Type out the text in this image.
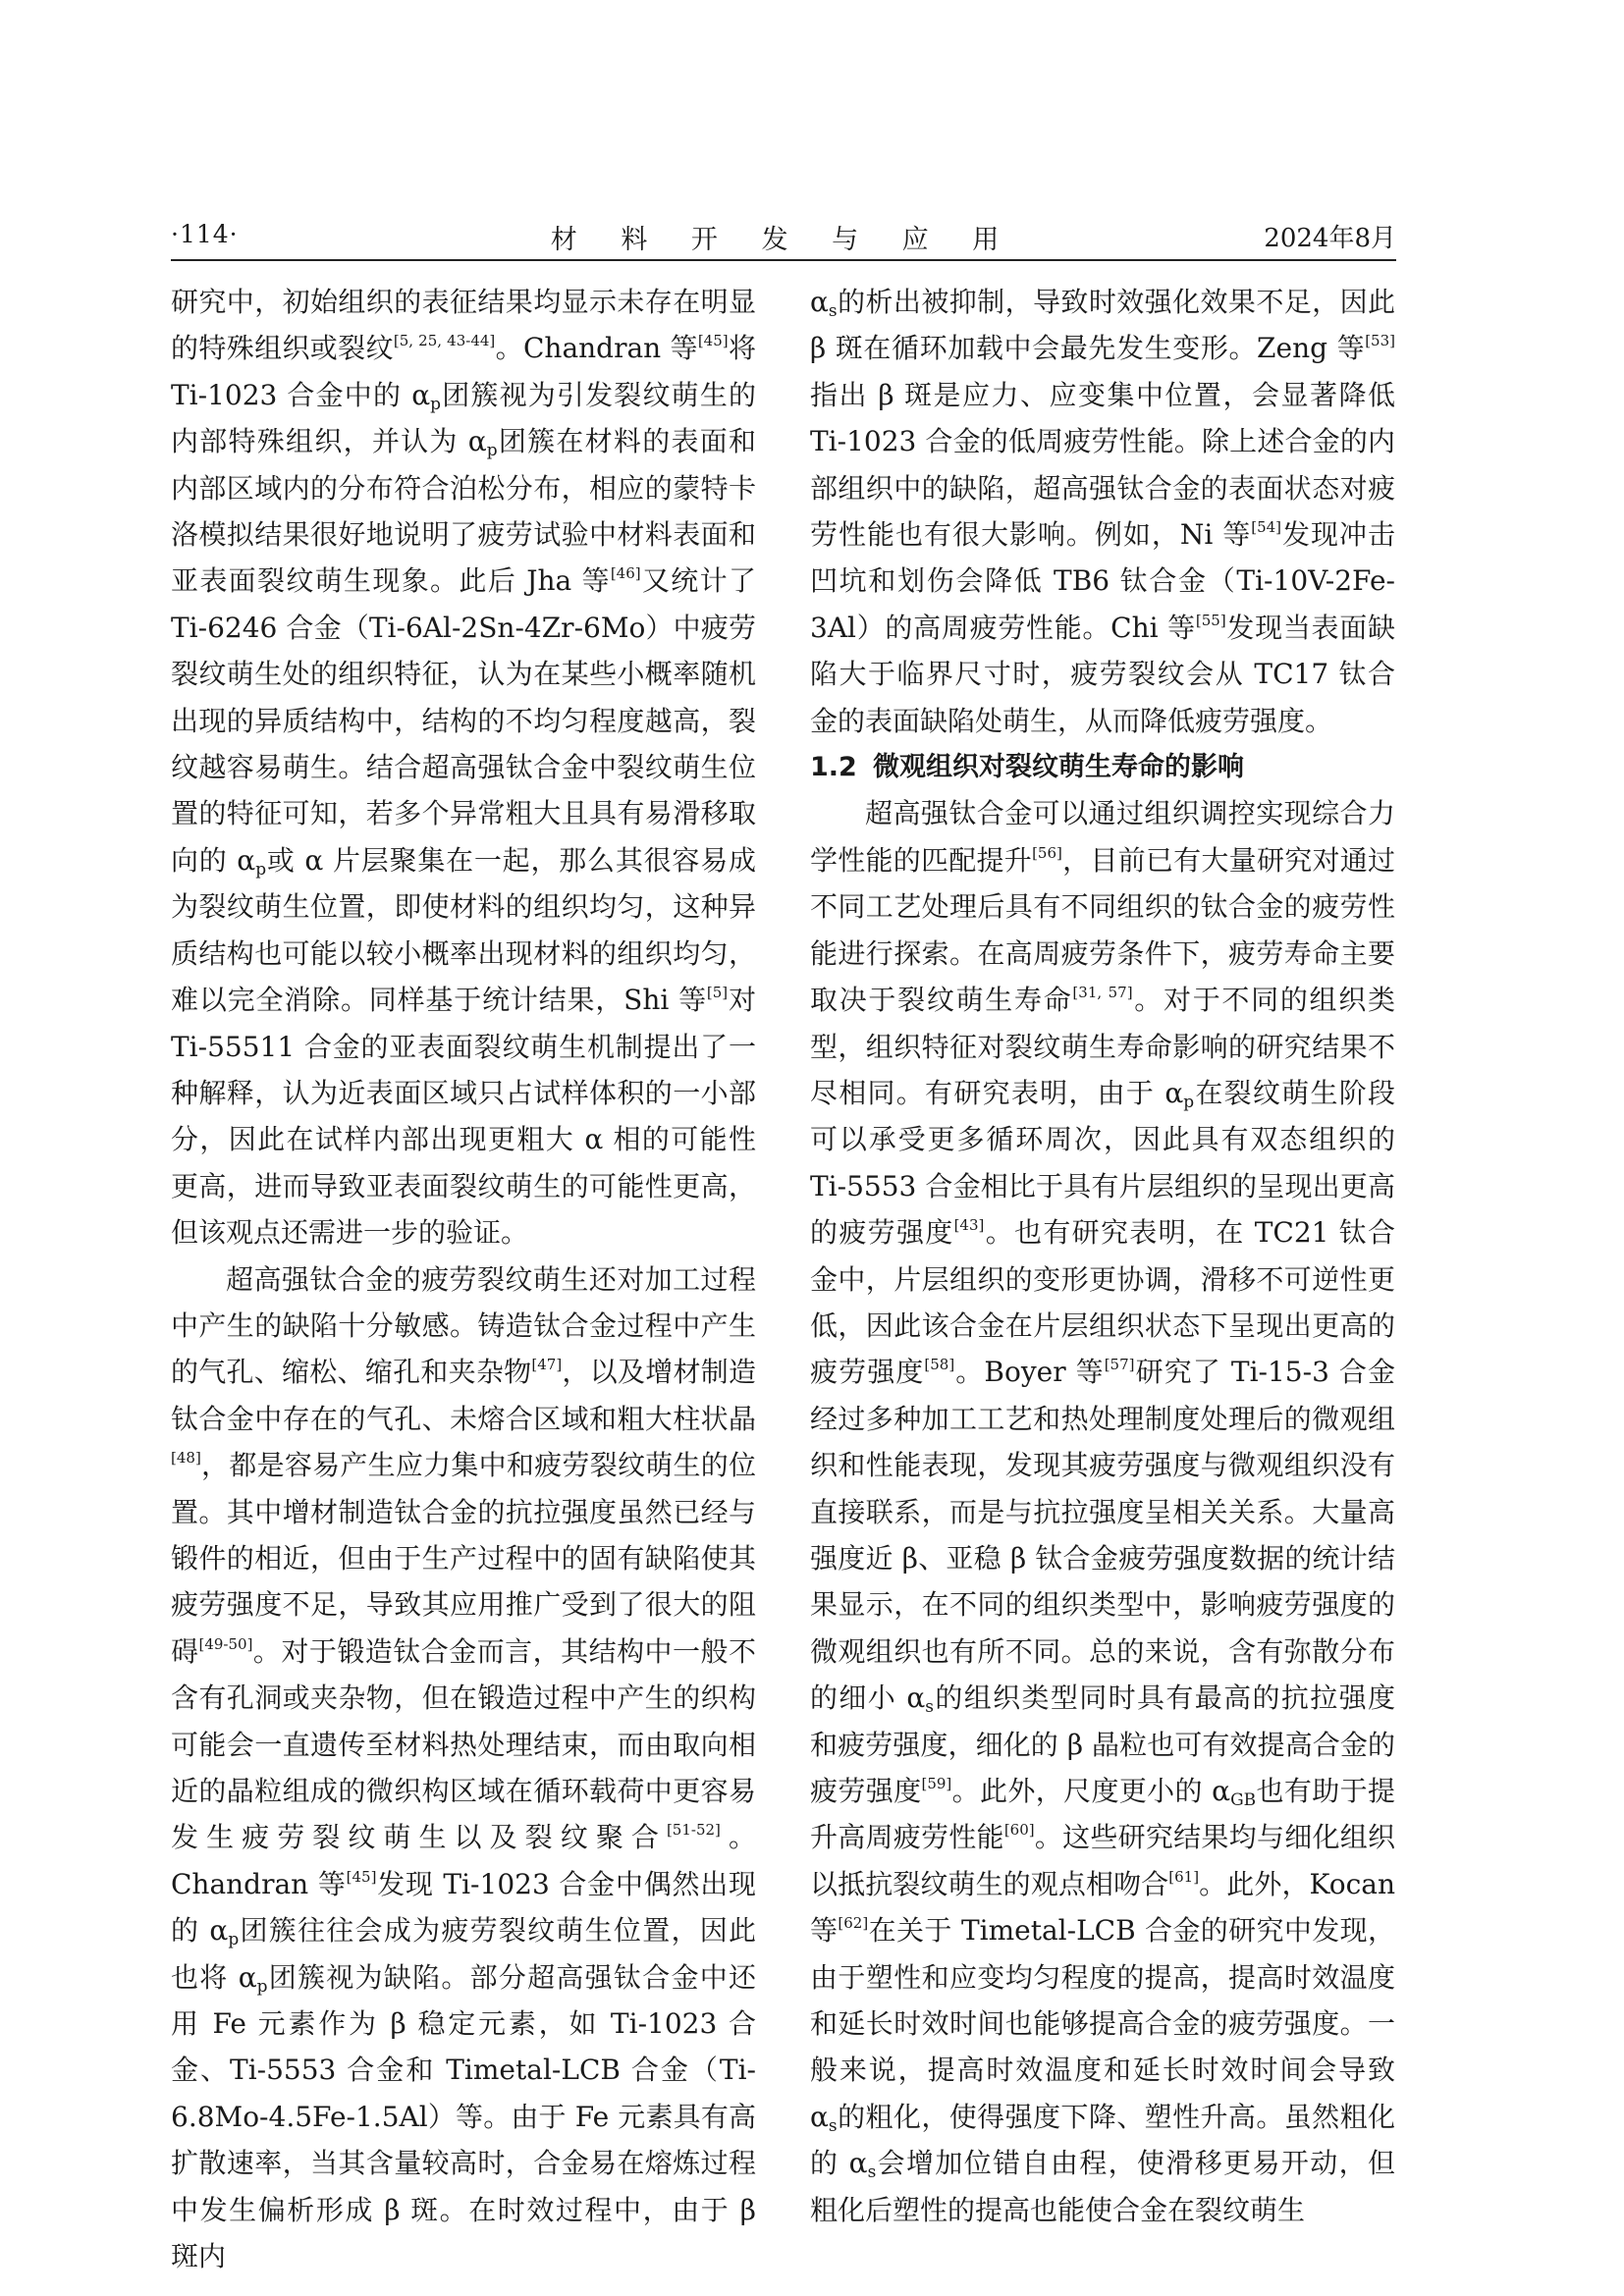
·114·	材 料 开 发 与 应 用	2024年8月

研究中，初始组织的表征结果均显示未存在明显的特殊组织或裂纹[5, 25, 43-44]。Chandran 等[45]将 Ti-1023 合金中的 $\alpha_p$团簇视为引发裂纹萌生的内部特殊组织，并认为 $\alpha_p$团簇在材料的表面和内部区域内的分布符合泊松分布，相应的蒙特卡洛模拟结果很好地说明了疲劳试验中材料表面和亚表面裂纹萌生现象。此后 Jha 等[46]又统计了 Ti-6246 合金（Ti-6Al-2Sn-4Zr-6Mo）中疲劳裂纹萌生处的组织特征，认为在某些小概率随机出现的异质结构中，结构的不均匀程度越高，裂纹越容易萌生。结合超高强钛合金中裂纹萌生位置的特征可知，若多个异常粗大且具有易滑移取向的 $\alpha_p$或 α 片层聚集在一起，那么其很容易成为裂纹萌生位置，即使材料的组织均匀，这种异质结构也可能以较小概率出现材料的组织均匀，难以完全消除。同样基于统计结果，Shi 等[5]对 Ti-55511 合金的亚表面裂纹萌生机制提出了一种解释，认为近表面区域只占试样体积的一小部分，因此在试样内部出现更粗大 α 相的可能性更高，进而导致亚表面裂纹萌生的可能性更高，但该观点还需进一步的验证。

超高强钛合金的疲劳裂纹萌生还对加工过程中产生的缺陷十分敏感。铸造钛合金过程中产生的气孔、缩松、缩孔和夹杂物[47]，以及增材制造钛合金中存在的气孔、未熔合区域和粗大柱状晶[48]，都是容易产生应力集中和疲劳裂纹萌生的位置。其中增材制造钛合金的抗拉强度虽然已经与锻件的相近，但由于生产过程中的固有缺陷使其疲劳强度不足，导致其应用推广受到了很大的阻碍[49-50]。对于锻造钛合金而言，其结构中一般不含有孔洞或夹杂物，但在锻造过程中产生的织构可能会一直遗传至材料热处理结束，而由取向相近的晶粒组成的微织构区域在循环载荷中更容易发生疲劳裂纹萌生以及裂纹聚合[51-52]。Chandran 等[45]发现 Ti-1023 合金中偶然出现的 $\alpha_p$团簇往往会成为疲劳裂纹萌生位置，因此也将 $\alpha_p$团簇视为缺陷。部分超高强钛合金中还用 Fe 元素作为 β 稳定元素，如 Ti-1023 合金、Ti-5553 合金和 Timetal-LCB 合金（Ti-6.8Mo-4.5Fe-1.5Al）等。由于 Fe 元素具有高扩散速率，当其含量较高时，合金易在熔炼过程中发生偏析形成 β 斑。在时效过程中，由于 β 斑内

$\alpha_s$的析出被抑制，导致时效强化效果不足，因此 β 斑在循环加载中会最先发生变形。Zeng 等[53]指出 β 斑是应力、应变集中位置，会显著降低 Ti-1023 合金的低周疲劳性能。除上述合金的内部组织中的缺陷，超高强钛合金的表面状态对疲劳性能也有很大影响。例如，Ni 等[54]发现冲击凹坑和划伤会降低 TB6 钛合金（Ti-10V-2Fe-3Al）的高周疲劳性能。Chi 等[55]发现当表面缺陷大于临界尺寸时，疲劳裂纹会从 TC17 钛合金的表面缺陷处萌生，从而降低疲劳强度。

1.2 微观组织对裂纹萌生寿命的影响

超高强钛合金可以通过组织调控实现综合力学性能的匹配提升[56]，目前已有大量研究对通过不同工艺处理后具有不同组织的钛合金的疲劳性能进行探索。在高周疲劳条件下，疲劳寿命主要取决于裂纹萌生寿命[31, 57]。对于不同的组织类型，组织特征对裂纹萌生寿命影响的研究结果不尽相同。有研究表明，由于 $\alpha_p$在裂纹萌生阶段可以承受更多循环周次，因此具有双态组织的 Ti-5553 合金相比于具有片层组织的呈现出更高的疲劳强度[43]。也有研究表明，在 TC21 钛合金中，片层组织的变形更协调，滑移不可逆性更低，因此该合金在片层组织状态下呈现出更高的疲劳强度[58]。Boyer 等[57]研究了 Ti-15-3 合金经过多种加工工艺和热处理制度处理后的微观组织和性能表现，发现其疲劳强度与微观组织没有直接联系，而是与抗拉强度呈相关关系。大量高强度近 β、亚稳 β 钛合金疲劳强度数据的统计结果显示，在不同的组织类型中，影响疲劳强度的微观组织也有所不同。总的来说，含有弥散分布的细小 $\alpha_s$的组织类型同时具有最高的抗拉强度和疲劳强度，细化的 β 晶粒也可有效提高合金的疲劳强度[59]。此外，尺度更小的 $\alpha_{GB}$也有助于提升高周疲劳性能[60]。这些研究结果均与细化组织以抵抗裂纹萌生的观点相吻合[61]。此外，Kocan 等[62]在关于 Timetal-LCB 合金的研究中发现，由于塑性和应变均匀程度的提高，提高时效温度和延长时效时间也能够提高合金的疲劳强度。一般来说，提高时效温度和延长时效时间会导致 $\alpha_s$的粗化，使得强度下降、塑性升高。虽然粗化的 $\alpha_s$会增加位错自由程，使滑移更易开动，但粗化后塑性的提高也能使合金在裂纹萌生
